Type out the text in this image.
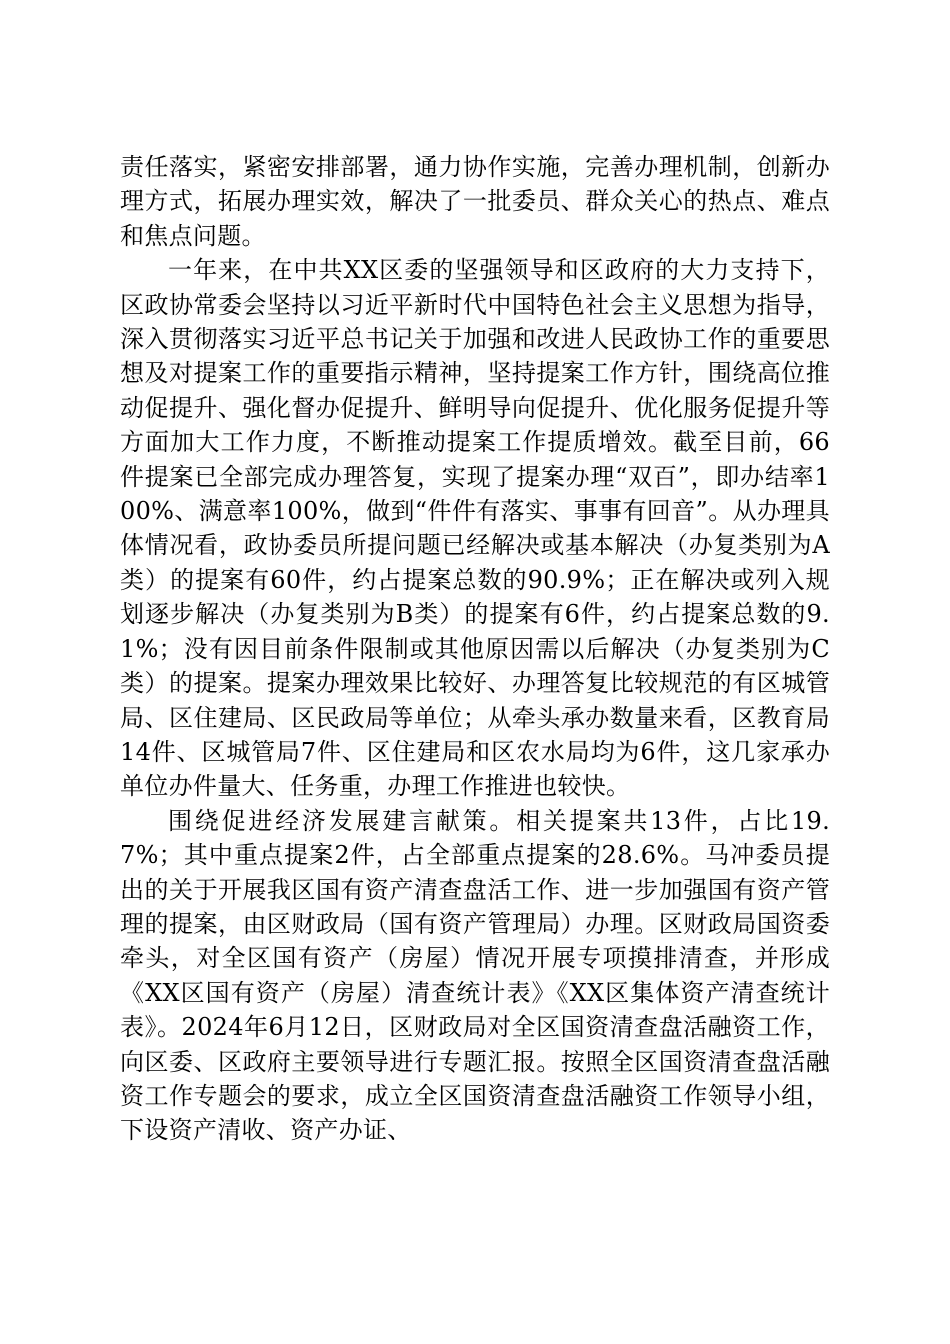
责任落实，紧密安排部署，通力协作实施，完善办理机制，创新办理方式，拓展办理实效，解决了一批委员、群众关心的热点、难点和焦点问题。

一年来，在中共XX区委的坚强领导和区政府的大力支持下，区政协常委会坚持以习近平新时代中国特色社会主义思想为指导，深入贯彻落实习近平总书记关于加强和改进人民政协工作的重要思想及对提案工作的重要指示精神，坚持提案工作方针，围绕高位推动促提升、强化督办促提升、鲜明导向促提升、优化服务促提升等方面加大工作力度，不断推动提案工作提质增效。截至目前，66件提案已全部完成办理答复，实现了提案办理“双百”，即办结率100%、满意率100%，做到“件件有落实、事事有回音”。从办理具体情况看，政协委员所提问题已经解决或基本解决（办复类别为A类）的提案有60件，约占提案总数的90.9%；正在解决或列入规划逐步解决（办复类别为B类）的提案有6件，约占提案总数的9.1%；没有因目前条件限制或其他原因需以后解决（办复类别为C类）的提案。提案办理效果比较好、办理答复比较规范的有区城管局、区住建局、区民政局等单位；从牵头承办数量来看，区教育局14件、区城管局7件、区住建局和区农水局均为6件，这几家承办单位办件量大、任务重，办理工作推进也较快。

围绕促进经济发展建言献策。相关提案共13件，占比19.7%；其中重点提案2件，占全部重点提案的28.6%。马冲委员提出的关于开展我区国有资产清查盘活工作、进一步加强国有资产管理的提案，由区财政局（国有资产管理局）办理。区财政局国资委牵头，对全区国有资产（房屋）情况开展专项摸排清查，并形成《XX区国有资产（房屋）清查统计表》《XX区集体资产清查统计表》。2024年6月12日，区财政局对全区国资清查盘活融资工作，向区委、区政府主要领导进行专题汇报。按照全区国资清查盘活融资工作专题会的要求，成立全区国资清查盘活融资工作领导小组，下设资产清收、资产办证、
